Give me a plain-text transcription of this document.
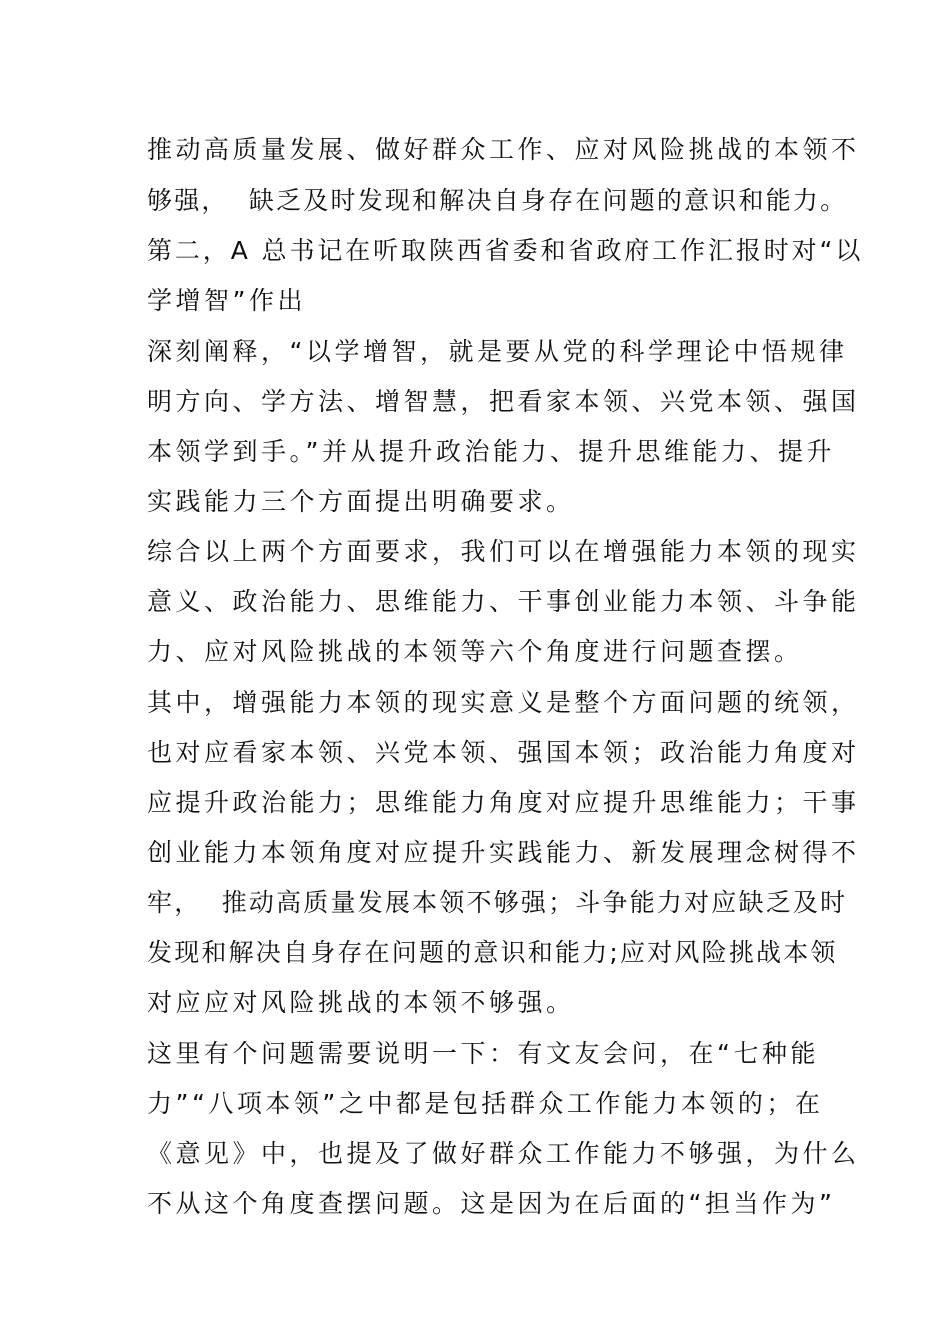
推动高质量发展、做好群众工作、应对风险挑战的本领不
够强，  缺乏及时发现和解决自身存在问题的意识和能力。
第二，A 总书记在听取陕西省委和省政府工作汇报时对“以
学增智”作出
深刻阐释，“以学增智，就是要从党的科学理论中悟规律
明方向、学方法、增智慧，把看家本领、兴党本领、强国
本领学到手。”并从提升政治能力、提升思维能力、提升
实践能力三个方面提出明确要求。
综合以上两个方面要求，我们可以在增强能力本领的现实
意义、政治能力、思维能力、干事创业能力本领、斗争能
力、应对风险挑战的本领等六个角度进行问题查摆。
其中，增强能力本领的现实意义是整个方面问题的统领，
也对应看家本领、兴党本领、强国本领；政治能力角度对
应提升政治能力；思维能力角度对应提升思维能力；干事
创业能力本领角度对应提升实践能力、新发展理念树得不
牢，  推动高质量发展本领不够强；斗争能力对应缺乏及时
发现和解决自身存在问题的意识和能力;应对风险挑战本领
对应应对风险挑战的本领不够强。
这里有个问题需要说明一下：有文友会问，在“七种能
力”“八项本领”之中都是包括群众工作能力本领的；在
《意见》中，也提及了做好群众工作能力不够强，为什么
不从这个角度查摆问题。这是因为在后面的“担当作为”
